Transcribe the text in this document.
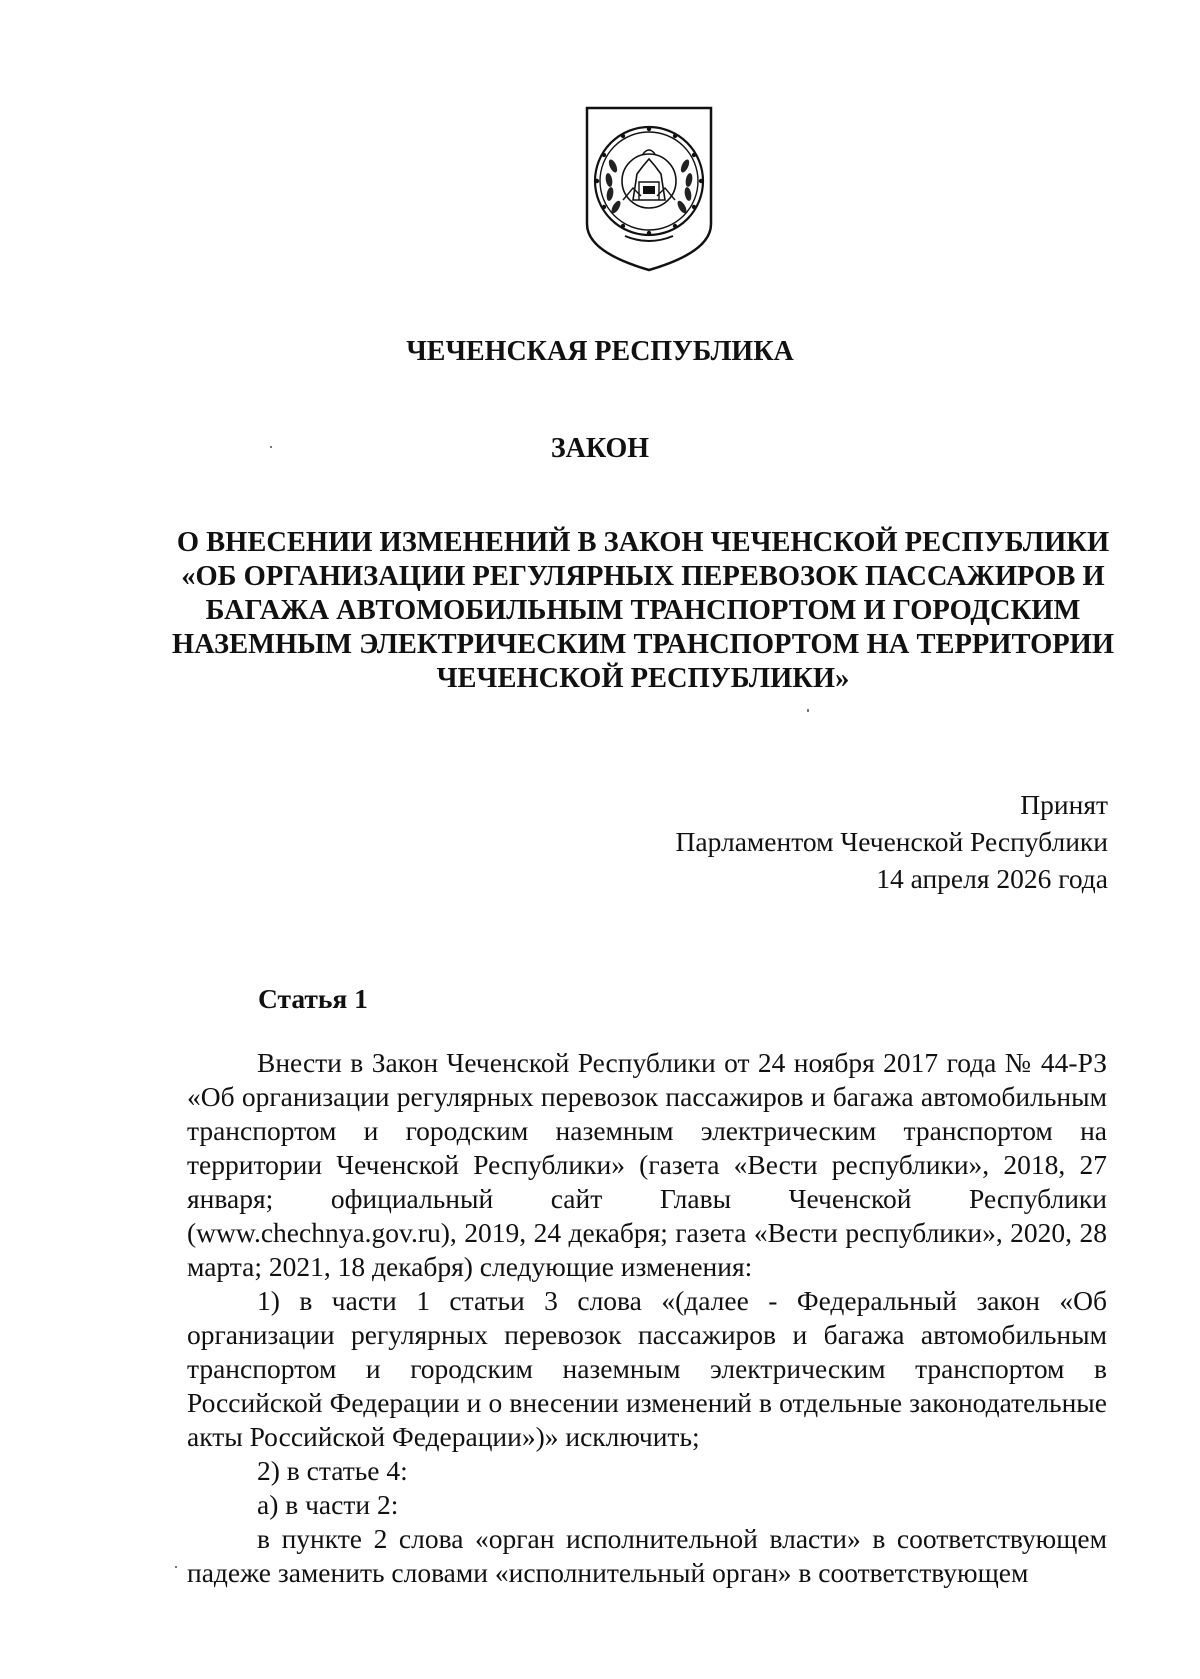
ЧЕЧЕНСКАЯ РЕСПУБЛИКА
ЗАКОН
О ВНЕСЕНИИ ИЗМЕНЕНИЙ В ЗАКОН ЧЕЧЕНСКОЙ РЕСПУБЛИКИ «ОБ ОРГАНИЗАЦИИ РЕГУЛЯРНЫХ ПЕРЕВОЗОК ПАССАЖИРОВ И БАГАЖА АВТОМОБИЛЬНЫМ ТРАНСПОРТОМ И ГОРОДСКИМ НАЗЕМНЫМ ЭЛЕКТРИЧЕСКИМ ТРАНСПОРТОМ НА ТЕРРИТОРИИ ЧЕЧЕНСКОЙ РЕСПУБЛИКИ»
Принят
Парламентом Чеченской Республики
14 апреля 2026 года
Статья 1

Внести в Закон Чеченской Республики от 24 ноября 2017 года № 44-РЗ «Об организации регулярных перевозок пассажиров и багажа автомобильным транспортом и городским наземным электрическим транспортом на территории Чеченской Республики» (газета «Вести республики», 2018, 27 января; официальный сайт Главы Чеченской Республики (www.chechnya.gov.ru), 2019, 24 декабря; газета «Вести республики», 2020, 28 марта; 2021, 18 декабря) следующие изменения:

1) в части 1 статьи 3 слова «(далее - Федеральный закон «Об организации регулярных перевозок пассажиров и багажа автомобильным транспортом и городским наземным электрическим транспортом в Российской Федерации и о внесении изменений в отдельные законодательные акты Российской Федерации»)» исключить;

2) в статье 4:

а) в части 2:

в пункте 2 слова «орган исполнительной власти» в соответствующем падеже заменить словами «исполнительный орган» в соответствующем
